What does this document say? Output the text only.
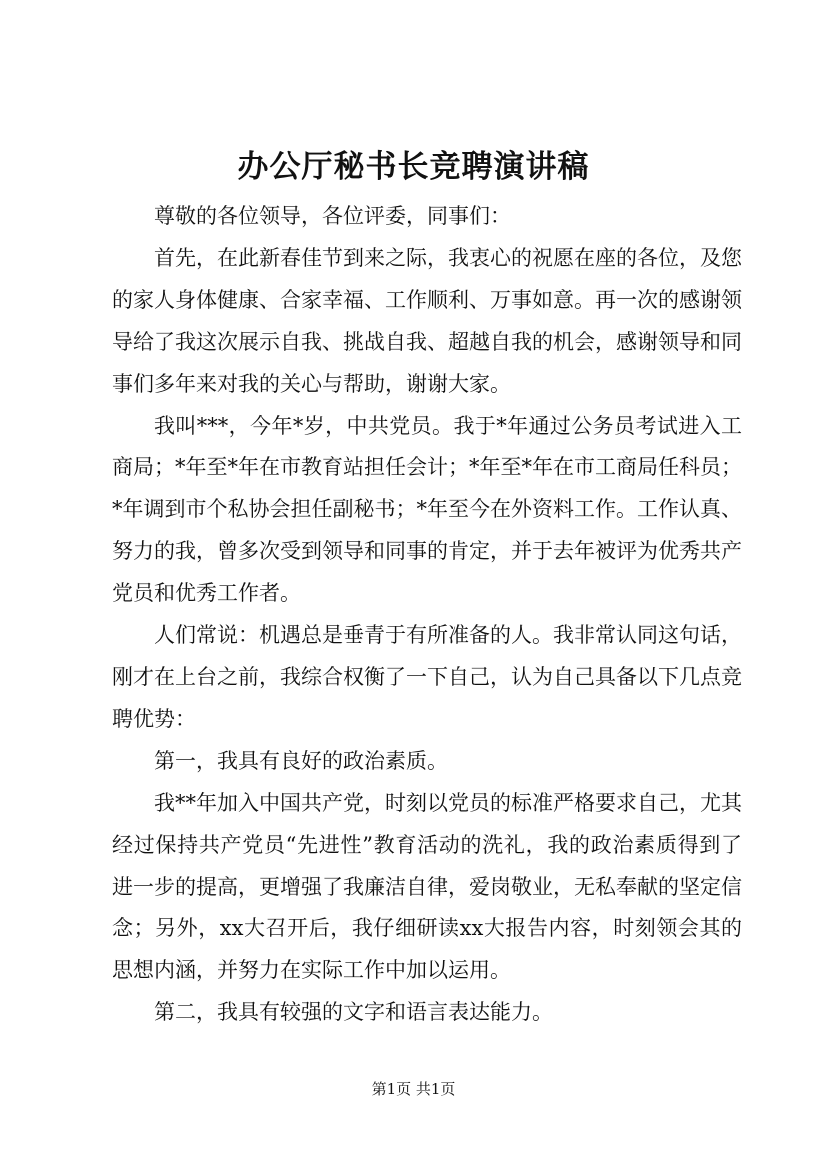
办公厅秘书长竞聘演讲稿

尊敬的各位领导，各位评委，同事们：

首先，在此新春佳节到来之际，我衷心的祝愿在座的各位，及您的家人身体健康、合家幸福、工作顺利、万事如意。再一次的感谢领导给了我这次展示自我、挑战自我、超越自我的机会，感谢领导和同事们多年来对我的关心与帮助，谢谢大家。

我叫***，今年*岁，中共党员。我于*年通过公务员考试进入工商局；*年至*年在市教育站担任会计；*年至*年在市工商局任科员；*年调到市个私协会担任副秘书；*年至今在外资料工作。工作认真、努力的我，曾多次受到领导和同事的肯定，并于去年被评为优秀共产党员和优秀工作者。

人们常说：机遇总是垂青于有所准备的人。我非常认同这句话，刚才在上台之前，我综合权衡了一下自己，认为自己具备以下几点竞聘优势：

第一，我具有良好的政治素质。

我**年加入中国共产党，时刻以党员的标准严格要求自己，尤其经过保持共产党员“先进性”教育活动的洗礼，我的政治素质得到了进一步的提高，更增强了我廉洁自律，爱岗敬业，无私奉献的坚定信念；另外，xx大召开后，我仔细研读xx大报告内容，时刻领会其的思想内涵，并努力在实际工作中加以运用。

第二，我具有较强的文字和语言表达能力。

第1页 共1页
